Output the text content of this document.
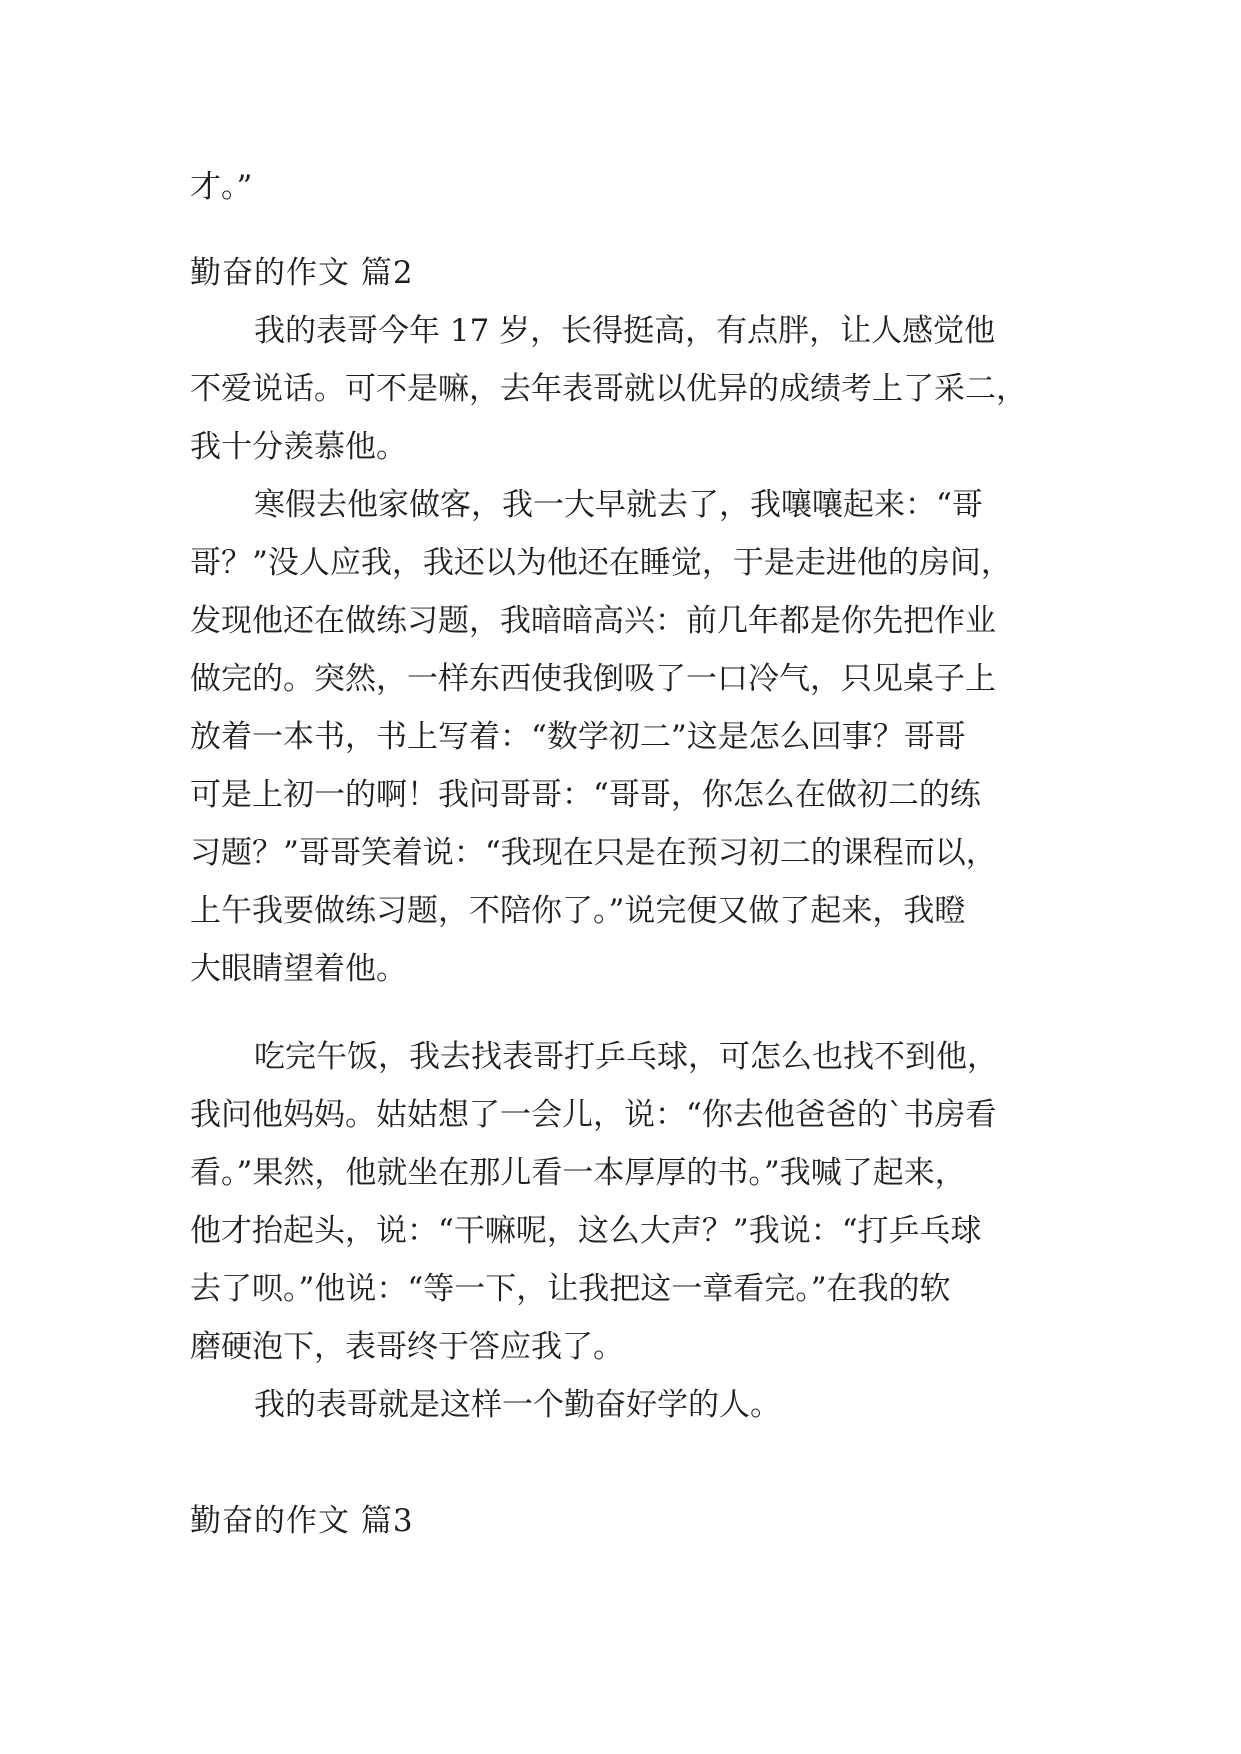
才。”
勤奋的作文 篇2
我的表哥今年 17 岁，长得挺高，有点胖，让人感觉他
不爱说话。可不是嘛，去年表哥就以优异的成绩考上了采二，
我十分羡慕他。
寒假去他家做客，我一大早就去了，我嚷嚷起来：“哥
哥？”没人应我，我还以为他还在睡觉，于是走进他的房间，
发现他还在做练习题，我暗暗高兴：前几年都是你先把作业
做完的。突然，一样东西使我倒吸了一口冷气，只见桌子上
放着一本书，书上写着：“数学初二”这是怎么回事？哥哥
可是上初一的啊！我问哥哥：“哥哥，你怎么在做初二的练
习题？”哥哥笑着说：“我现在只是在预习初二的课程而以，
上午我要做练习题，不陪你了。”说完便又做了起来，我瞪
大眼睛望着他。
吃完午饭，我去找表哥打乒乓球，可怎么也找不到他，
我问他妈妈。姑姑想了一会儿，说：“你去他爸爸的`书房看
看。”果然，他就坐在那儿看一本厚厚的书。”我喊了起来，
他才抬起头，说：“干嘛呢，这么大声？”我说：“打乒乓球
去了呗。”他说：“等一下，让我把这一章看完。”在我的软
磨硬泡下，表哥终于答应我了。
我的表哥就是这样一个勤奋好学的人。
勤奋的作文 篇3
